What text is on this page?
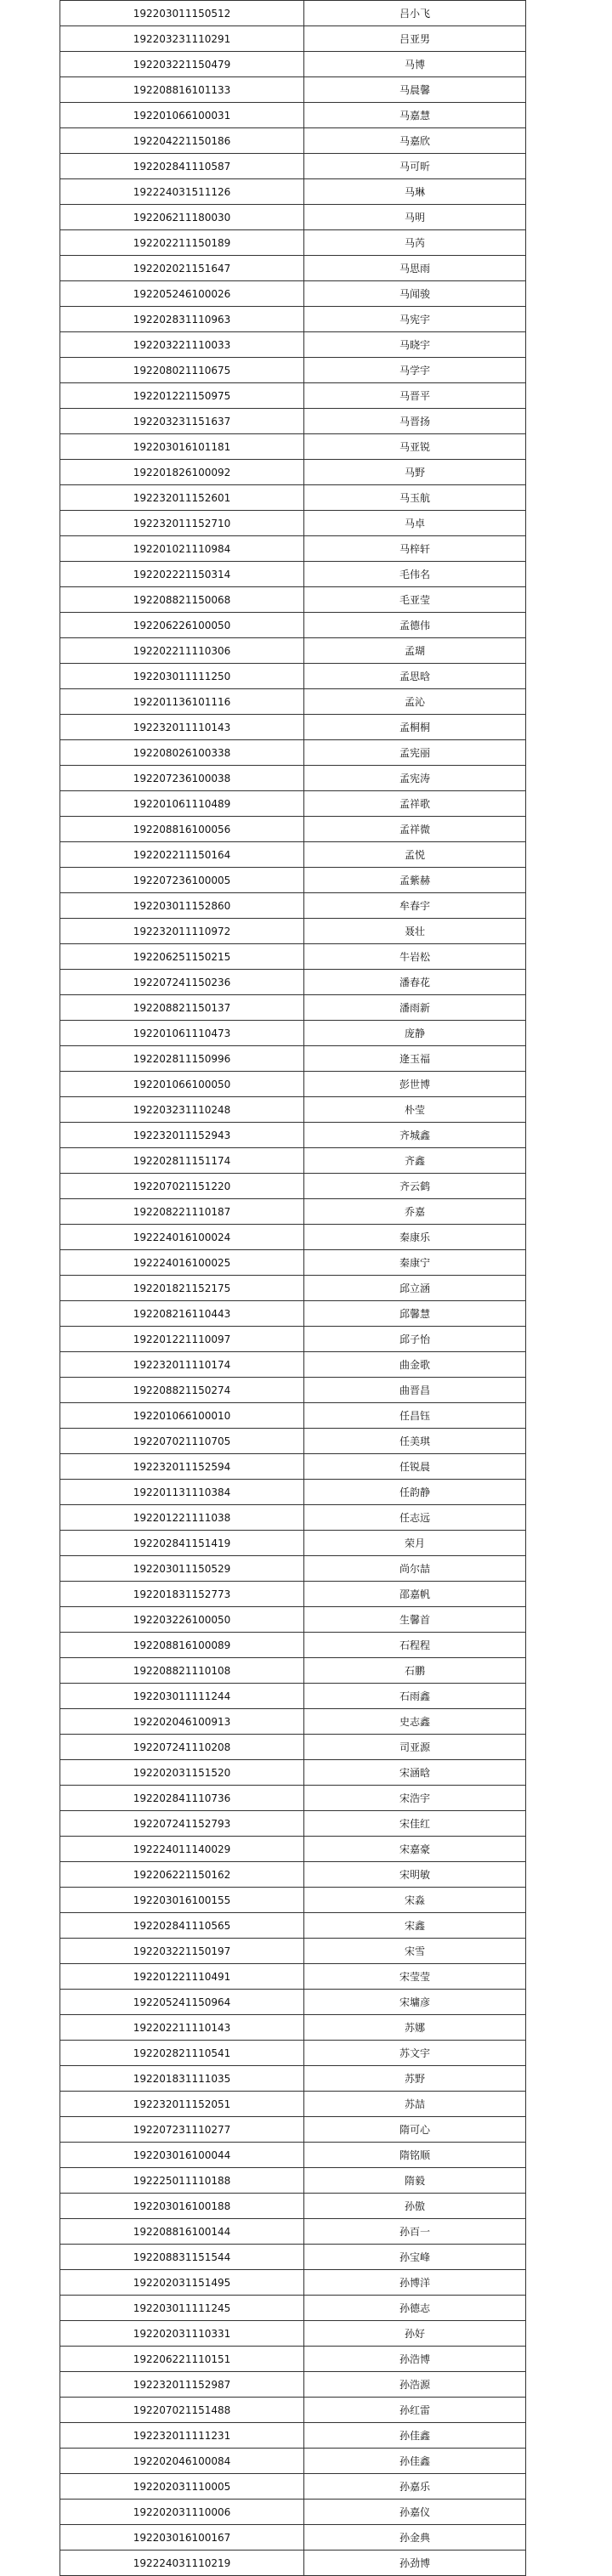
192203011150512	吕小飞
192203231110291	吕亚男
192203221150479	马博
192208816101133	马晨馨
192201066100031	马嘉慧
192204221150186	马嘉欣
192202841110587	马可昕
192224031511126	马琳
192206211180030	马明
192202211150189	马芮
192202021151647	马思雨
192205246100026	马闻骏
192202831110963	马宪宇
192203221110033	马晓宇
192208021110675	马学宇
192201221150975	马晋平
192203231151637	马晋扬
192203016101181	马亚锐
192201826100092	马野
192232011152601	马玉航
192232011152710	马卓
192201021110984	马梓轩
192202221150314	毛伟名
192208821150068	毛亚莹
192206226100050	孟德伟
192202211110306	孟瑚
192203011111250	孟思晗
192201136101116	孟沁
192232011110143	孟桐桐
192208026100338	孟宪丽
192207236100038	孟宪涛
192201061110489	孟祥歌
192208816100056	孟祥微
192202211150164	孟悦
192207236100005	孟紫赫
192203011152860	牟春宇
192232011110972	聂壮
192206251150215	牛岩松
192207241150236	潘春花
192208821150137	潘雨新
192201061110473	庞静
192202811150996	逄玉福
192201066100050	彭世博
192203231110248	朴莹
192232011152943	齐城鑫
192202811151174	齐鑫
192207021151220	齐云鹤
192208221110187	乔嘉
192224016100024	秦康乐
192224016100025	秦康宁
192201821152175	邱立涵
192208216110443	邱馨慧
192201221110097	邱子怡
192232011110174	曲金歌
192208821150274	曲晋昌
192201066100010	任昌钰
192207021110705	任美琪
192232011152594	任锐晨
192201131110384	任韵静
192201221111038	任志远
192202841151419	荣月
192203011150529	尚尔喆
192201831152773	邵嘉帆
192203226100050	生馨首
192208816100089	石程程
192208821110108	石鹏
192203011111244	石雨鑫
192202046100913	史志鑫
192207241110208	司亚源
192202031151520	宋涵晗
192202841110736	宋浩宇
192207241152793	宋佳红
192224011140029	宋嘉豪
192206221150162	宋明敏
192203016100155	宋淼
192202841110565	宋鑫
192203221150197	宋雪
192201221110491	宋莹莹
192205241150964	宋墉彦
192202211110143	苏娜
192202821110541	苏文宇
192201831111035	苏野
192232011152051	苏喆
192207231110277	隋可心
192203016100044	隋铭顺
192225011110188	隋毅
192203016100188	孙傲
192208816100144	孙百一
192208831151544	孙宝峰
192202031151495	孙博洋
192203011111245	孙德志
192202031110331	孙好
192206221110151	孙浩博
192232011152987	孙浩源
192207021151488	孙红雷
192232011111231	孙佳鑫
192202046100084	孙佳鑫
192202031110005	孙嘉乐
192202031110006	孙嘉仪
192203016100167	孙金典
192224031110219	孙劲博
